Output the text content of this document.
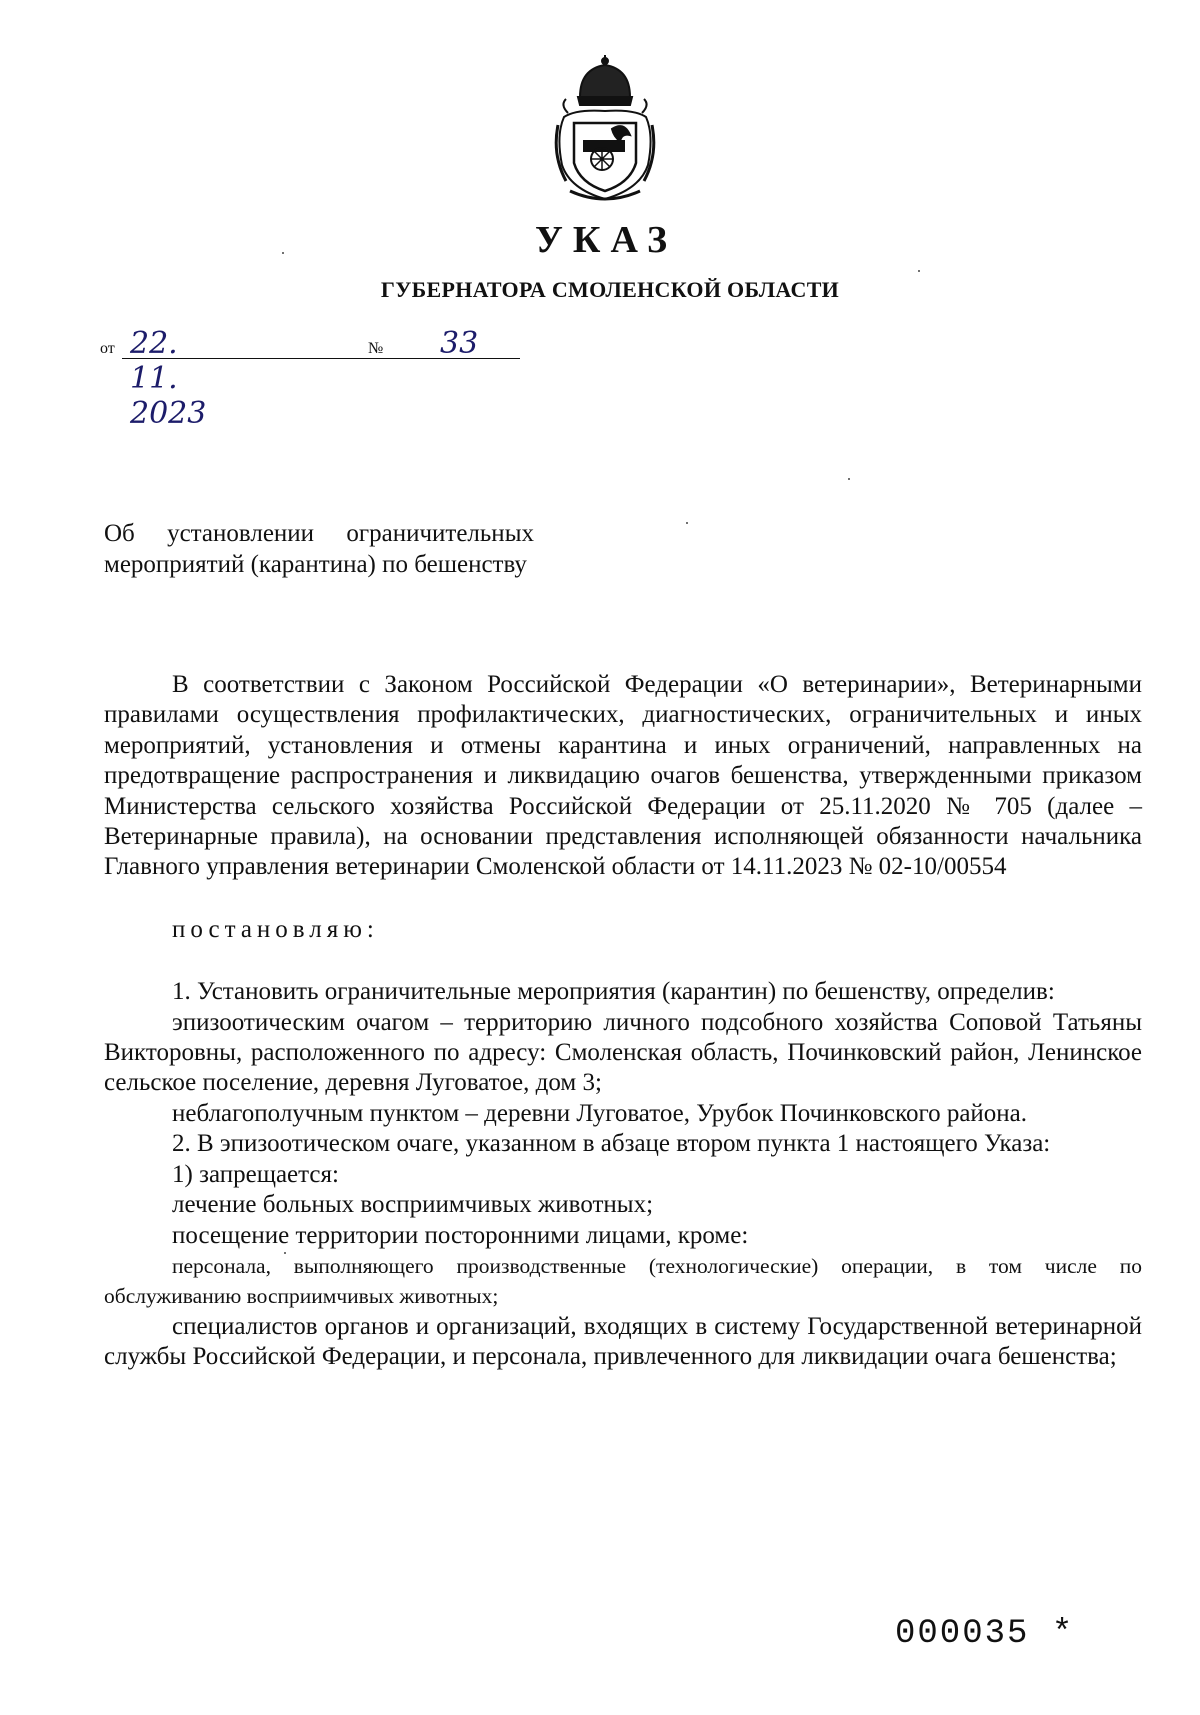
УКАЗ
ГУБЕРНАТОРА СМОЛЕНСКОЙ ОБЛАСТИ
от 22. 11. 2023
№ 33
Об установлении ограничительных мероприятий (карантина) по бешенству

В соответствии с Законом Российской Федерации «О ветеринарии», Ветеринарными правилами осуществления профилактических, диагностических, ограничительных и иных мероприятий, установления и отмены карантина и иных ограничений, направленных на предотвращение распространения и ликвидацию очагов бешенства, утвержденными приказом Министерства сельского хозяйства Российской Федерации от 25.11.2020 № 705 (далее – Ветеринарные правила), на основании представления исполняющей обязанности начальника Главного управления ветеринарии Смоленской области от 14.11.2023 № 02-10/00554

постановляю:

1. Установить ограничительные мероприятия (карантин) по бешенству, определив:

эпизоотическим очагом – территорию личного подсобного хозяйства Соповой Татьяны Викторовны, расположенного по адресу: Смоленская область, Починковский район, Ленинское сельское поселение, деревня Луговатое, дом 3;

неблагополучным пунктом – деревни Луговатое, Урубок Починковского района.

2. В эпизоотическом очаге, указанном в абзаце втором пункта 1 настоящего Указа:

1) запрещается:

лечение больных восприимчивых животных;

посещение территории посторонними лицами, кроме:

персонала, выполняющего производственные (технологические) операции, в том числе по обслуживанию восприимчивых животных;

специалистов органов и организаций, входящих в систему Государственной ветеринарной службы Российской Федерации, и персонала, привлеченного для ликвидации очага бешенства;

000035 *
